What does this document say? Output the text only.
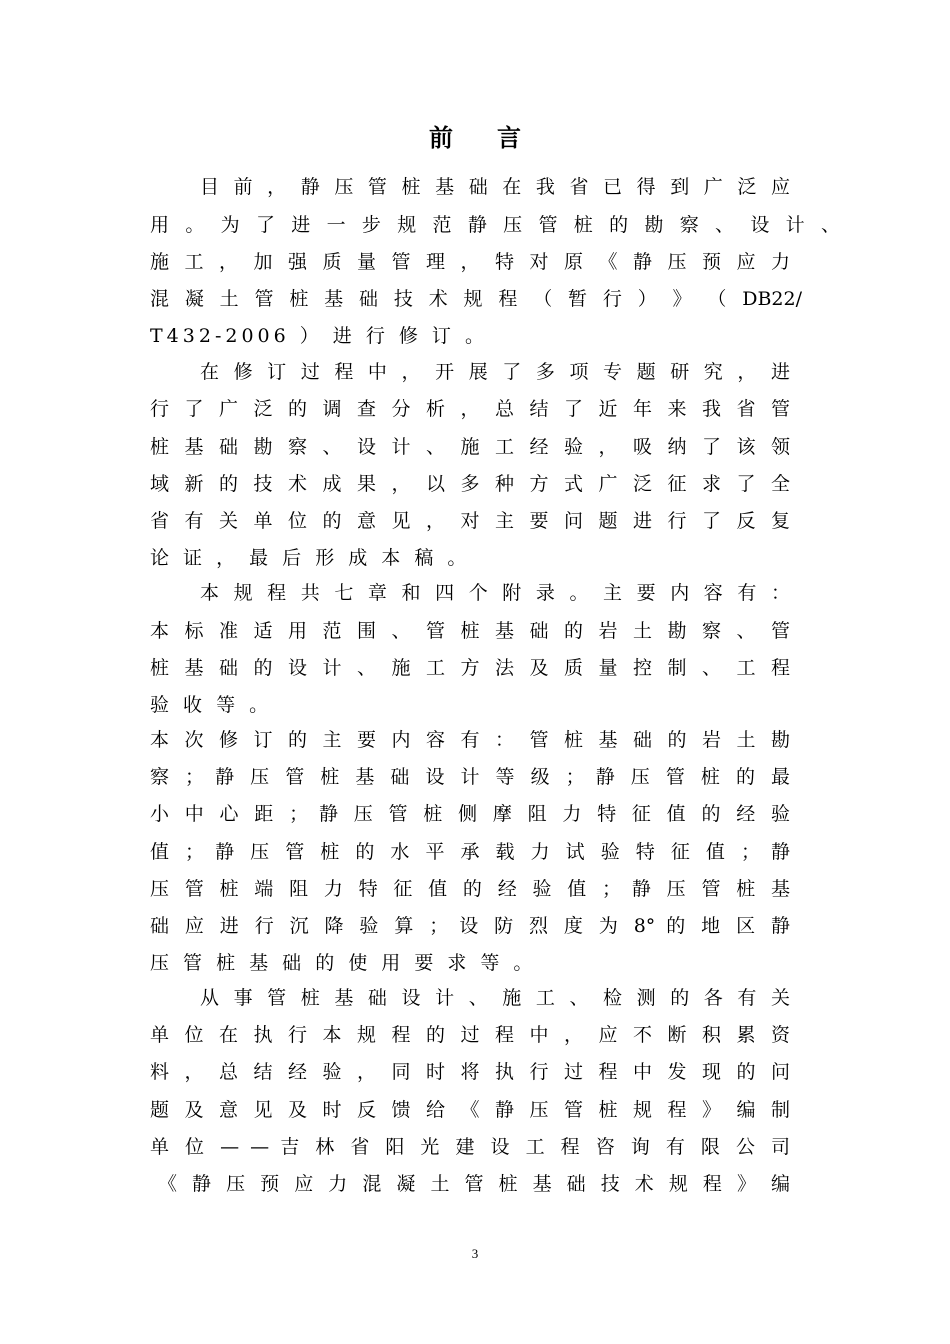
前言
目 前 ， 静 压 管 桩 基 础 在 我 省 已 得 到 广 泛 应
用 。 为 了 进 一 步 规 范 静 压 管 桩 的 勘 察 、 设 计 、
施 工 ， 加 强 质 量 管 理 ， 特 对 原 《 静 压 预 应 力
混 凝 土 管 桩 基 础 技 术 规 程 （ 暂 行 ） 》 （ DB22/
T432-2006 ） 进 行 修 订 。
在 修 订 过 程 中 ， 开 展 了 多 项 专 题 研 究 ， 进
行 了 广 泛 的 调 查 分 析 ， 总 结 了 近 年 来 我 省 管
桩 基 础 勘 察 、 设 计 、 施 工 经 验 ， 吸 纳 了 该 领
域 新 的 技 术 成 果 ， 以 多 种 方 式 广 泛 征 求 了 全
省 有 关 单 位 的 意 见 ， 对 主 要 问 题 进 行 了 反 复
论 证 ， 最 后 形 成 本 稿 。
本 规 程 共 七 章 和 四 个 附 录 。 主 要 内 容 有 ：
本 标 准 适 用 范 围 、 管 桩 基 础 的 岩 土 勘 察 、 管
桩 基 础 的 设 计 、 施 工 方 法 及 质 量 控 制 、 工 程
验 收 等 。
本 次 修 订 的 主 要 内 容 有 ： 管 桩 基 础 的 岩 土 勘
察 ； 静 压 管 桩 基 础 设 计 等 级 ； 静 压 管 桩 的 最
小 中 心 距 ； 静 压 管 桩 侧 摩 阻 力 特 征 值 的 经 验
值 ； 静 压 管 桩 的 水 平 承 载 力 试 验 特 征 值 ； 静
压 管 桩 端 阻 力 特 征 值 的 经 验 值 ； 静 压 管 桩 基
础 应 进 行 沉 降 验 算 ； 设 防 烈 度 为 8° 的 地 区 静
压 管 桩 基 础 的 使 用 要 求 等 。
从 事 管 桩 基 础 设 计 、 施 工 、 检 测 的 各 有 关
单 位 在 执 行 本 规 程 的 过 程 中 ， 应 不 断 积 累 资
料 ， 总 结 经 验 ， 同 时 将 执 行 过 程 中 发 现 的 问
题 及 意 见 及 时 反 馈 给 《 静 压 管 桩 规 程 》 编 制
单 位 — — 吉 林 省 阳 光 建 设 工 程 咨 询 有 限 公 司
《 静 压 预 应 力 混 凝 土 管 桩 基 础 技 术 规 程 》 编
3
